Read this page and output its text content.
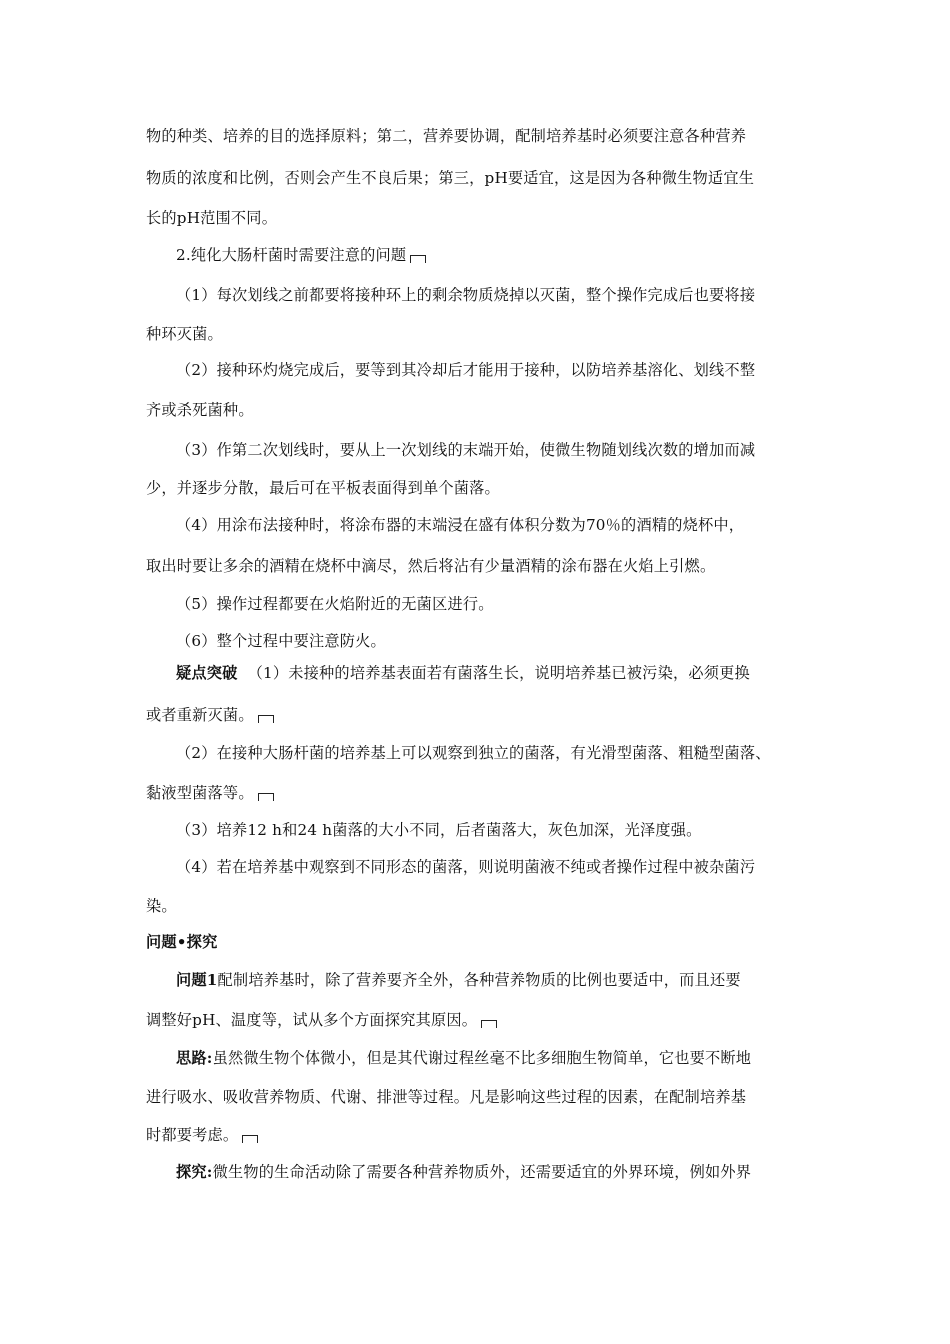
物的种类、培养的目的选择原料；第二，营养要协调，配制培养基时必须要注意各种营养
物质的浓度和比例，否则会产生不良后果；第三，pH要适宜，这是因为各种微生物适宜生
长的pH范围不同。
2.纯化大肠杆菌时需要注意的问题
（1）每次划线之前都要将接种环上的剩余物质烧掉以灭菌，整个操作完成后也要将接
种环灭菌。
（2）接种环灼烧完成后，要等到其冷却后才能用于接种，以防培养基溶化、划线不整
齐或杀死菌种。
（3）作第二次划线时，要从上一次划线的末端开始，使微生物随划线次数的增加而减
少，并逐步分散，最后可在平板表面得到单个菌落。
（4）用涂布法接种时，将涂布器的末端浸在盛有体积分数为70％的酒精的烧杯中，
取出时要让多余的酒精在烧杯中滴尽，然后将沾有少量酒精的涂布器在火焰上引燃。
（5）操作过程都要在火焰附近的无菌区进行。
（6）整个过程中要注意防火。
疑点突破 （1）未接种的培养基表面若有菌落生长，说明培养基已被污染，必须更换
或者重新灭菌。
（2）在接种大肠杆菌的培养基上可以观察到独立的菌落，有光滑型菌落、粗糙型菌落、
黏液型菌落等。
（3）培养12 h和24 h菌落的大小不同，后者菌落大，灰色加深，光泽度强。
（4）若在培养基中观察到不同形态的菌落，则说明菌液不纯或者操作过程中被杂菌污
染。
问题•探究
问题1配制培养基时，除了营养要齐全外，各种营养物质的比例也要适中，而且还要
调整好pH、温度等，试从多个方面探究其原因。
思路:虽然微生物个体微小，但是其代谢过程丝毫不比多细胞生物简单，它也要不断地
进行吸水、吸收营养物质、代谢、排泄等过程。凡是影响这些过程的因素，在配制培养基
时都要考虑。
探究:微生物的生命活动除了需要各种营养物质外，还需要适宜的外界环境，例如外界
